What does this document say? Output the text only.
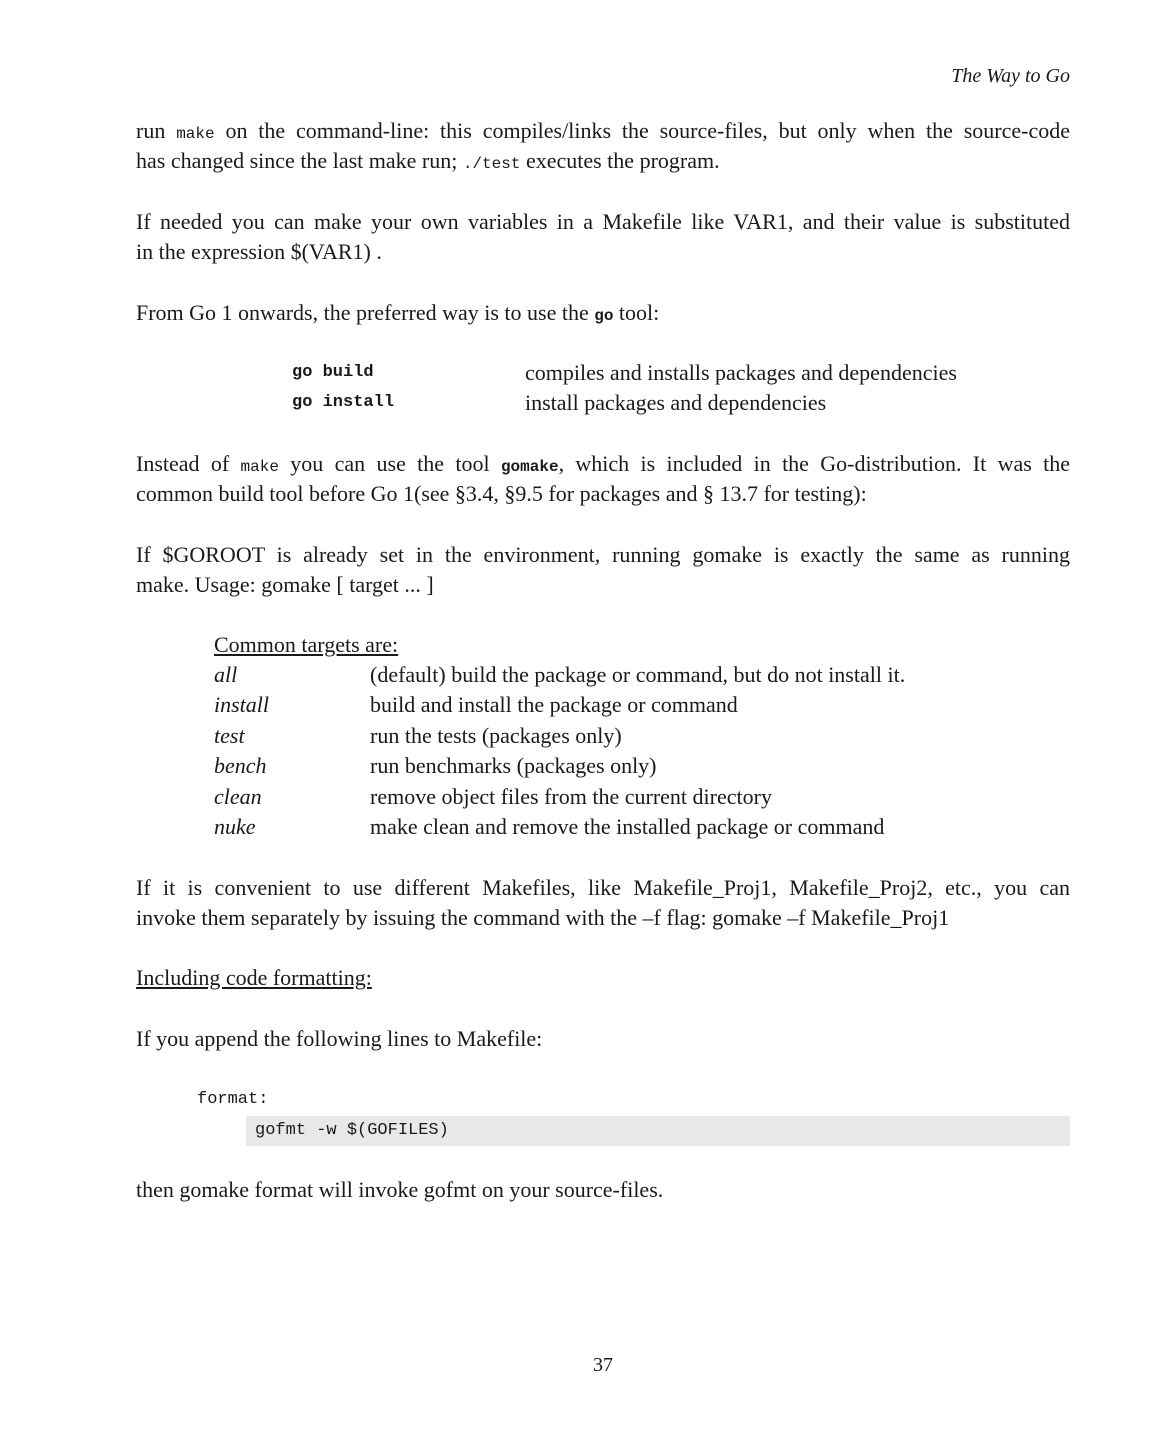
The Way to Go
run make on the command-line: this compiles/links the source-files, but only when the source-code
has changed since the last make run; ./test executes the program.
If needed you can make your own variables in a Makefile like VAR1, and their value is substituted
in the expression $(VAR1) .
From Go 1 onwards, the preferred way is to use the go tool:
Instead of make you can use the tool gomake, which is included in the Go-distribution. It was the
common build tool before Go 1(see §3.4, §9.5 for packages and § 13.7 for testing):
If $GOROOT is already set in the environment, running gomake is exactly the same as running
make. Usage: gomake [ target ... ]
If it is convenient to use different Makefiles, like Makefile_Proj1, Makefile_Proj2, etc., you can
invoke them separately by issuing the command with the –f flag: gomake –f Makefile_Proj1
Including code formatting:
If you append the following lines to Makefile:
then gomake format will invoke gofmt on your source-files.
go build	compiles and installs packages and dependencies
go install	install packages and dependencies
Common targets are:
all	(default) build the package or command, but do not install it.
install	build and install the package or command
test	run the tests (packages only)
bench	run benchmarks (packages only)
clean	remove object files from the current directory
nuke	make clean and remove the installed package or command
format:
gofmt -w $(GOFILES)
37
